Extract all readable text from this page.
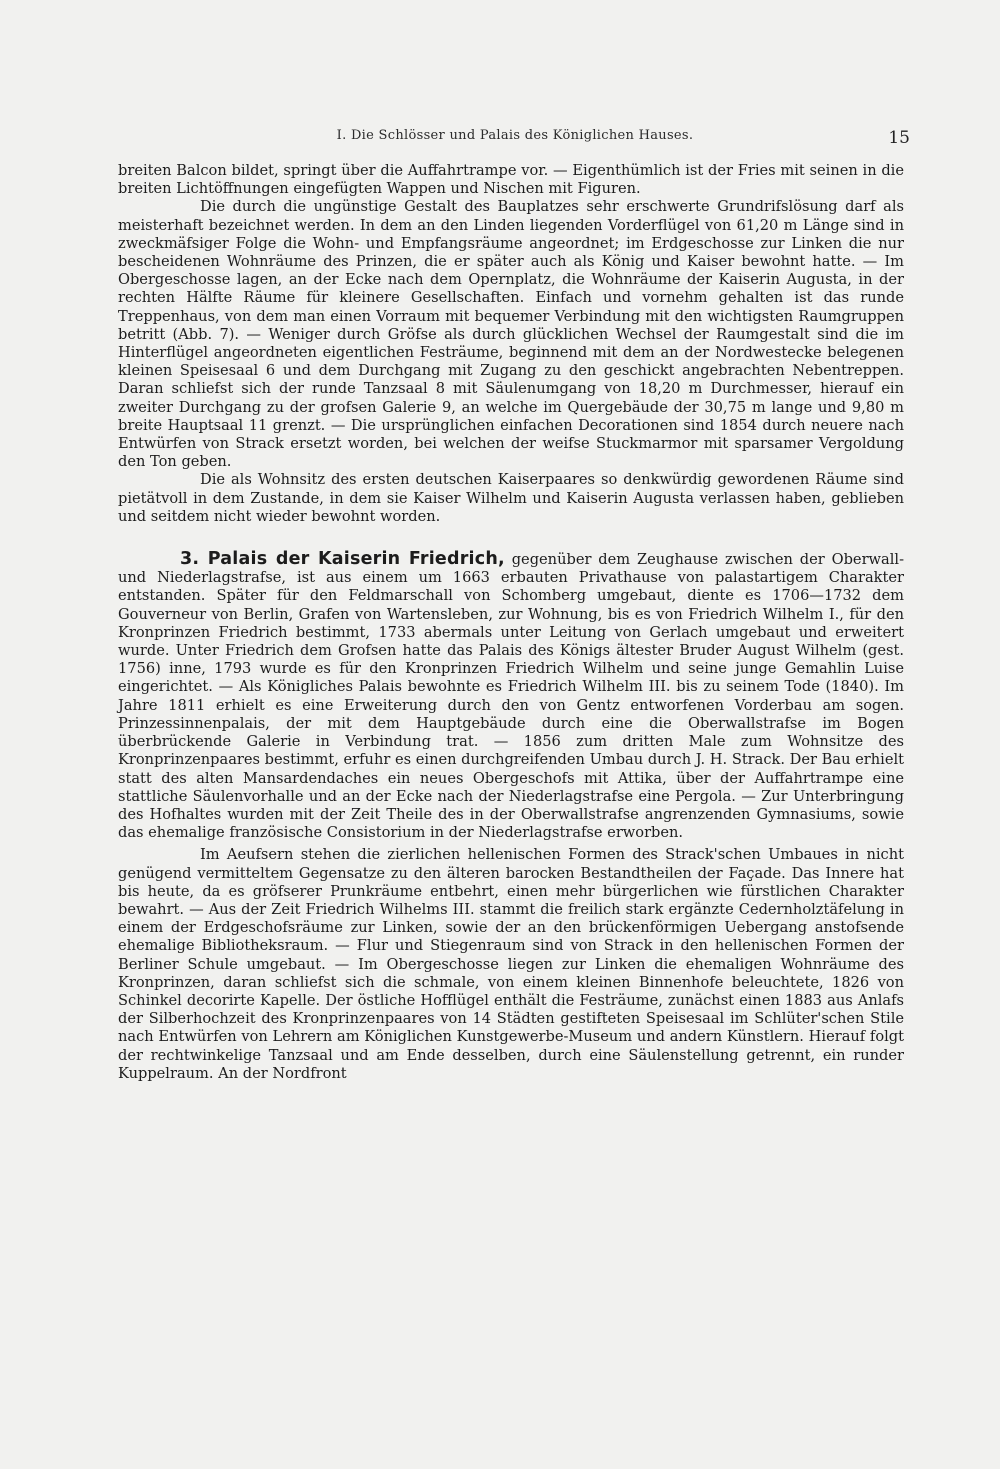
I. Die Schlösser und Palais des Königlichen Hauses.	15

breiten Balcon bildet, springt über die Auffahrtrampe vor. — Eigenthümlich ist der Fries mit seinen in die breiten Lichtöffnungen eingefügten Wappen und Nischen mit Figuren.

Die durch die ungünstige Gestalt des Bauplatzes sehr erschwerte Grundrifslösung darf als meisterhaft bezeichnet werden. In dem an den Linden liegenden Vorderflügel von 61,20 m Länge sind in zweckmäfsiger Folge die Wohn- und Empfangsräume angeordnet; im Erdgeschosse zur Linken die nur bescheidenen Wohnräume des Prinzen, die er später auch als König und Kaiser bewohnt hatte. — Im Obergeschosse lagen, an der Ecke nach dem Opernplatz, die Wohnräume der Kaiserin Augusta, in der rechten Hälfte Räume für kleinere Gesellschaften. Einfach und vornehm gehalten ist das runde Treppenhaus, von dem man einen Vorraum mit bequemer Verbindung mit den wichtigsten Raumgruppen betritt (Abb. 7). — Weniger durch Gröfse als durch glücklichen Wechsel der Raumgestalt sind die im Hinterflügel angeordneten eigentlichen Festräume, beginnend mit dem an der Nordwestecke belegenen kleinen Speisesaal 6 und dem Durchgang mit Zugang zu den geschickt angebrachten Nebentreppen. Daran schliefst sich der runde Tanzsaal 8 mit Säulenumgang von 18,20 m Durchmesser, hierauf ein zweiter Durchgang zu der grofsen Galerie 9, an welche im Quergebäude der 30,75 m lange und 9,80 m breite Hauptsaal 11 grenzt. — Die ursprünglichen einfachen Decorationen sind 1854 durch neuere nach Entwürfen von Strack ersetzt worden, bei welchen der weifse Stuckmarmor mit sparsamer Vergoldung den Ton geben.

Die als Wohnsitz des ersten deutschen Kaiserpaares so denkwürdig gewordenen Räume sind pietätvoll in dem Zustande, in dem sie Kaiser Wilhelm und Kaiserin Augusta verlassen haben, geblieben und seitdem nicht wieder bewohnt worden.

3. Palais der Kaiserin Friedrich, gegenüber dem Zeughause zwischen der Oberwall- und Niederlagstrafse, ist aus einem um 1663 erbauten Privathause von palastartigem Charakter entstanden. Später für den Feldmarschall von Schomberg umgebaut, diente es 1706—1732 dem Gouverneur von Berlin, Grafen von Wartensleben, zur Wohnung, bis es von Friedrich Wilhelm I., für den Kronprinzen Friedrich bestimmt, 1733 abermals unter Leitung von Gerlach umgebaut und erweitert wurde. Unter Friedrich dem Grofsen hatte das Palais des Königs ältester Bruder August Wilhelm (gest. 1756) inne, 1793 wurde es für den Kronprinzen Friedrich Wilhelm und seine junge Gemahlin Luise eingerichtet. — Als Königliches Palais bewohnte es Friedrich Wilhelm III. bis zu seinem Tode (1840). Im Jahre 1811 erhielt es eine Erweiterung durch den von Gentz entworfenen Vorderbau am sogen. Prinzessinnenpalais, der mit dem Hauptgebäude durch eine die Oberwallstrafse im Bogen überbrückende Galerie in Verbindung trat. — 1856 zum dritten Male zum Wohnsitze des Kronprinzenpaares bestimmt, erfuhr es einen durchgreifenden Umbau durch J. H. Strack. Der Bau erhielt statt des alten Mansardendaches ein neues Obergeschofs mit Attika, über der Auffahrtrampe eine stattliche Säulenvorhalle und an der Ecke nach der Niederlagstrafse eine Pergola. — Zur Unterbringung des Hofhaltes wurden mit der Zeit Theile des in der Oberwallstrafse angrenzenden Gymnasiums, sowie das ehemalige französische Consistorium in der Niederlagstrafse erworben.

Im Aeufsern stehen die zierlichen hellenischen Formen des Strack'schen Umbaues in nicht genügend vermitteltem Gegensatze zu den älteren barocken Bestandtheilen der Façade. Das Innere hat bis heute, da es gröfserer Prunkräume entbehrt, einen mehr bürgerlichen wie fürstlichen Charakter bewahrt. — Aus der Zeit Friedrich Wilhelms III. stammt die freilich stark ergänzte Cedernholztäfelung in einem der Erdgeschofsräume zur Linken, sowie der an den brückenförmigen Uebergang anstofsende ehemalige Bibliotheksraum. — Flur und Stiegenraum sind von Strack in den hellenischen Formen der Berliner Schule umgebaut. — Im Obergeschosse liegen zur Linken die ehemaligen Wohnräume des Kronprinzen, daran schliefst sich die schmale, von einem kleinen Binnenhofe beleuchtete, 1826 von Schinkel decorirte Kapelle. Der östliche Hofflügel enthält die Festräume, zunächst einen 1883 aus Anlafs der Silberhochzeit des Kronprinzenpaares von 14 Städten gestifteten Speisesaal im Schlüter'schen Stile nach Entwürfen von Lehrern am Königlichen Kunstgewerbe-Museum und andern Künstlern. Hierauf folgt der rechtwinkelige Tanzsaal und am Ende desselben, durch eine Säulenstellung getrennt, ein runder Kuppelraum. An der Nordfront
